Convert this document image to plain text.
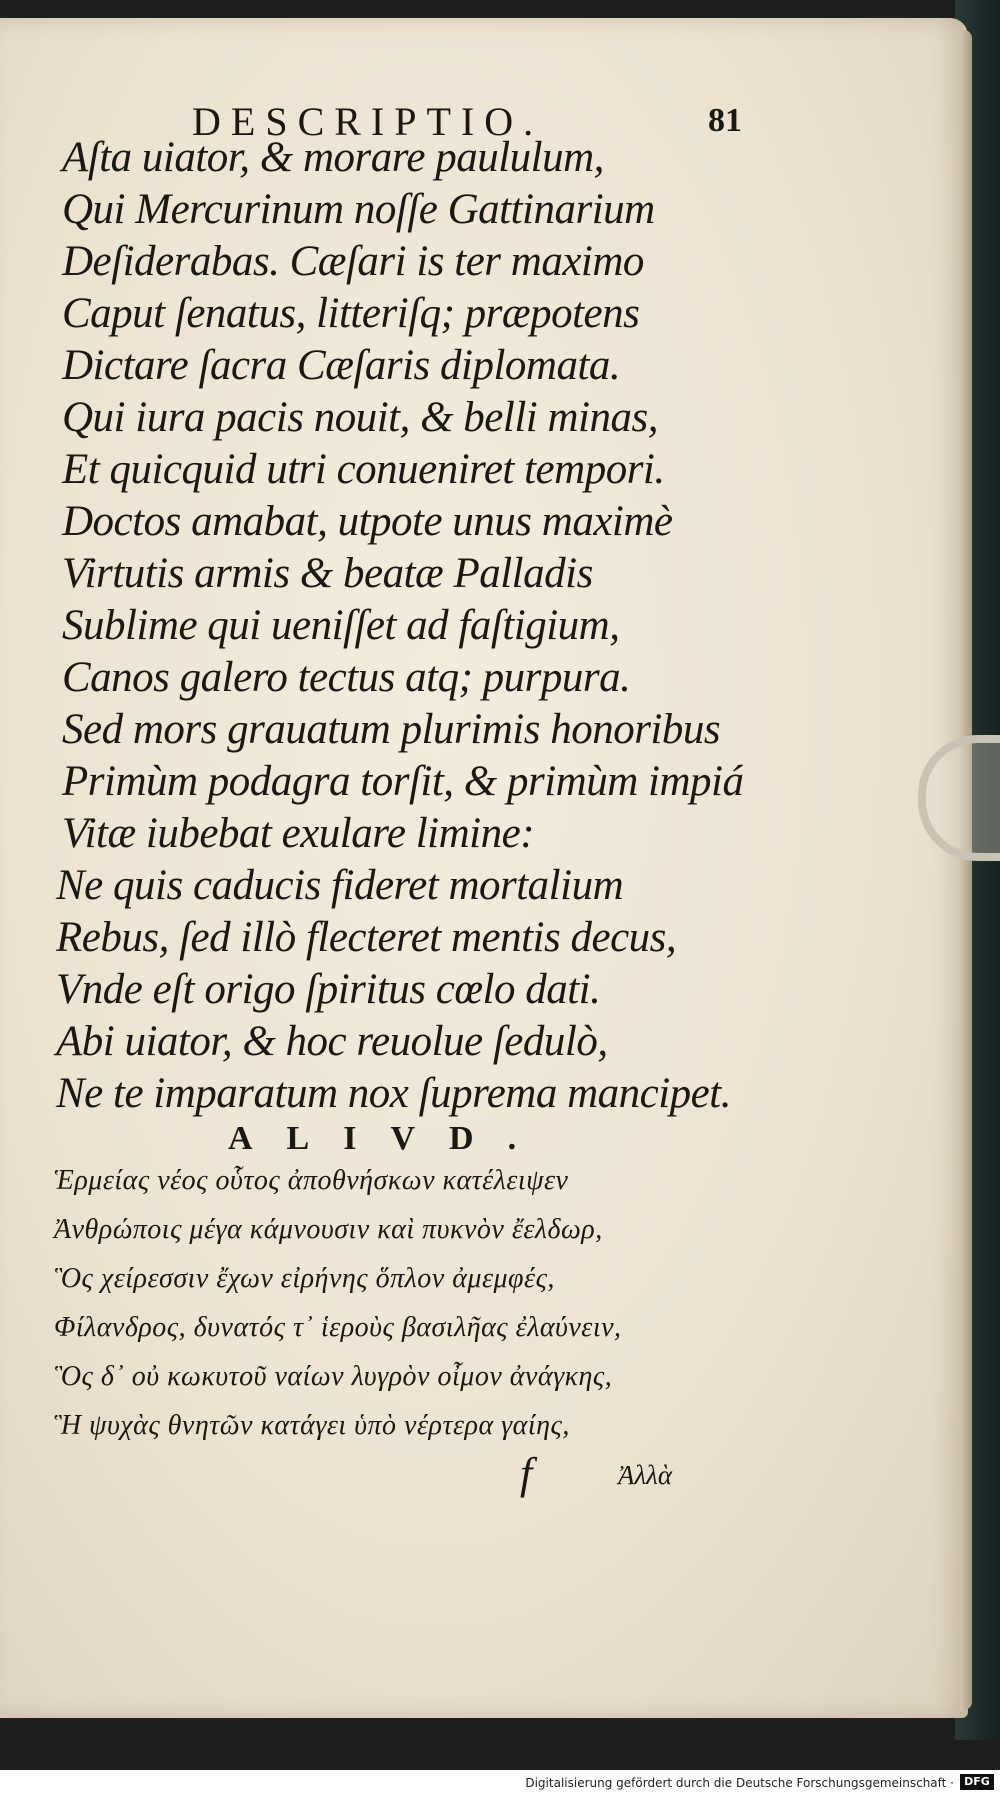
DESCRIPTIO.	81
Aſta uiator, & morare paululum,
Qui Mercurinum noſſe Gattinarium
Deſiderabas. Cæſari is ter maximo
Caput ſenatus, litteriſq; præpotens
Dictare ſacra Cæſaris diplomata.
Qui iura pacis nouit, & belli minas,
Et quicquid utri conueniret tempori.
Doctos amabat, utpote unus maximè
Virtutis armis & beatæ Palladis
Sublime qui ueniſſet ad faſtigium,
Canos galero tectus atq; purpura.
Sed mors grauatum plurimis honoribus
Primùm podagra torſit, & primùm impiá
Vitæ iubebat exulare limine:
Ne quis caducis fideret mortalium
Rebus, ſed illò flecteret mentis decus,
Vnde eſt origo ſpiritus cœlo dati.
Abi uiator, & hoc reuolue ſedulò,
Ne te imparatum nox ſuprema mancipet.
ALIVD.
Ἑρμείας νέος οὗτος ἀποθνήσκων κατέλειψεν
Ἀνθρώποις μέγα κάμνουσιν καὶ πυκνὸν ἔελδωρ,
Ὃς χείρεσσιν ἔχων εἰρήνης ὅπλον ἀμεμφές,
Φίλανδρος, δυνατός τ᾽ ἱεροὺς βασιλῆας ἐλαύνειν,
Ὃς δ᾽ οὐ κωκυτοῦ ναίων λυγρὸν οἶμον ἀνάγκης,
Ἣ ψυχὰς θνητῶν κατάγει ὑπὸ νέρτερα γαίης,
f	Ἀλλὰ
Digitalisierung gefördert durch die Deutsche Forschungsgemeinschaft · DFG
